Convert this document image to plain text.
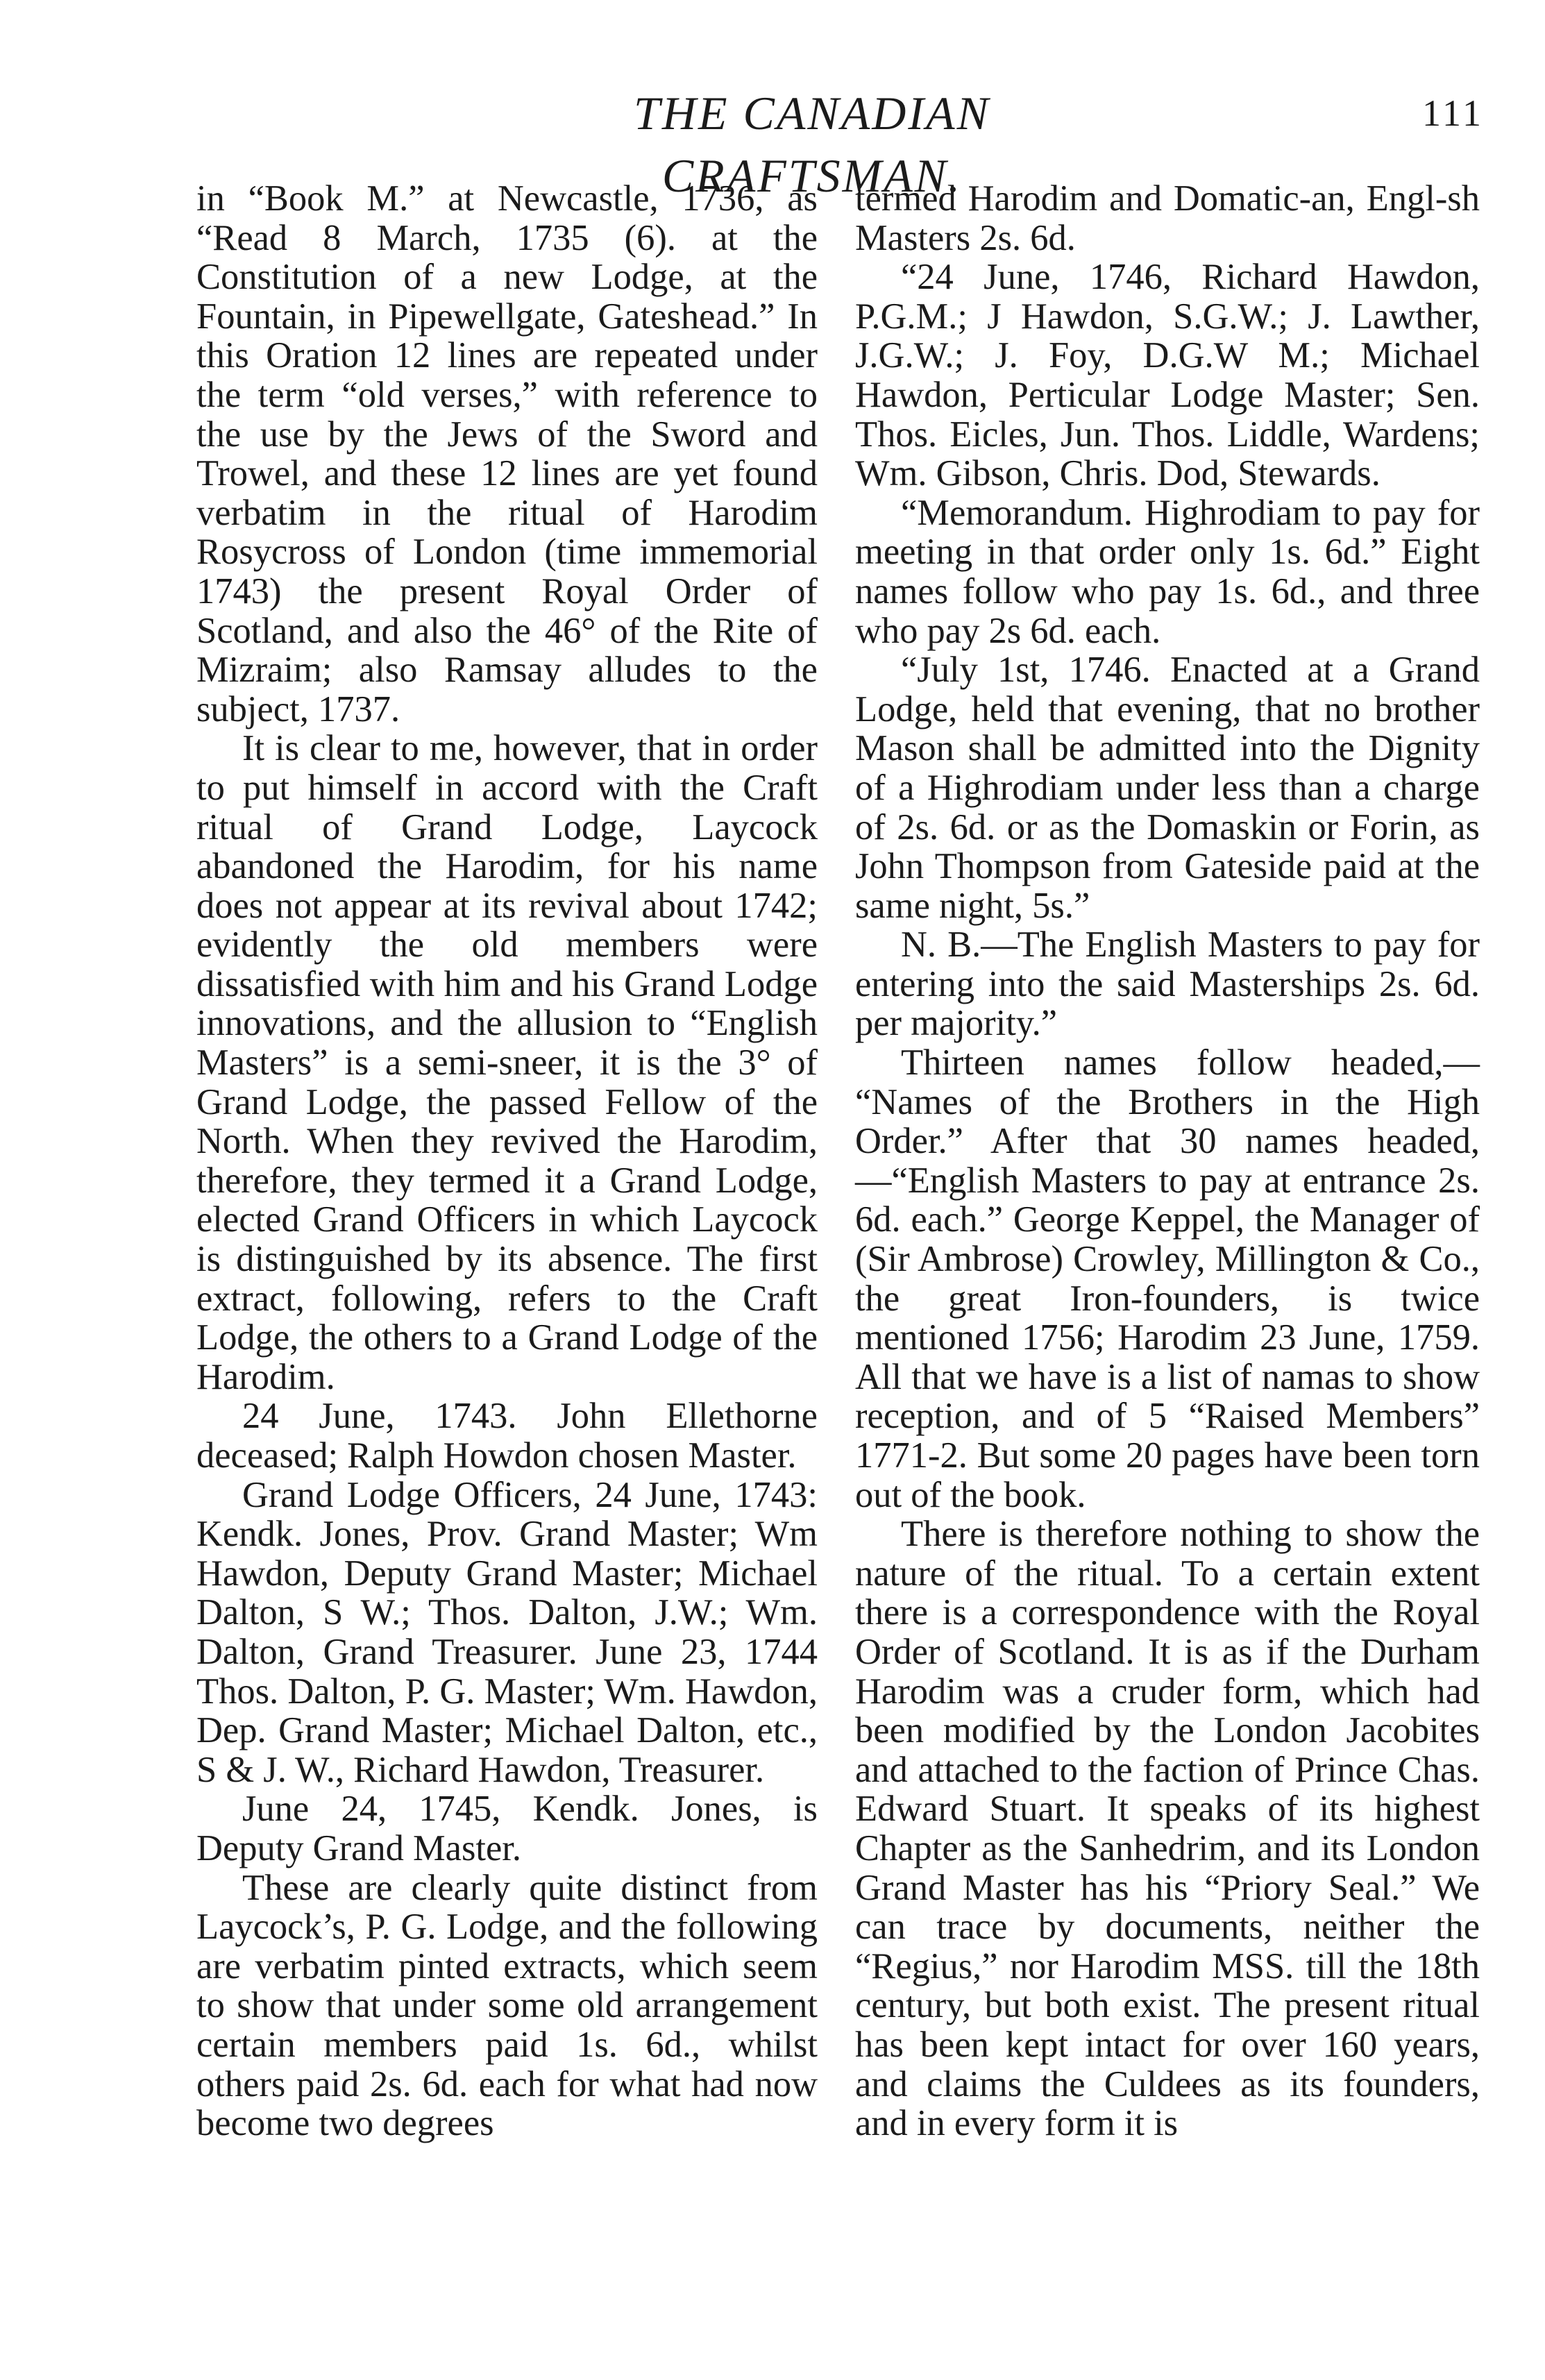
THE CANADIAN CRAFTSMAN.
111

in “Book M.” at Newcastle, 1736, as “Read 8 March, 1735 (6). at the Constitution of a new Lodge, at the Fountain, in Pipewellgate, Gateshead.” In this Oration 12 lines are repeated under the term “old verses,” with reference to the use by the Jews of the Sword and Trowel, and these 12 lines are yet found verbatim in the ritual of Harodim Rosycross of London (time immemorial 1743) the present Royal Order of Scotland, and also the 46° of the Rite of Mizraim; also Ramsay alludes to the subject, 1737.

It is clear to me, however, that in order to put himself in accord with the Craft ritual of Grand Lodge, Laycock abandoned the Harodim, for his name does not appear at its revival about 1742; evidently the old members were dissatisfied with him and his Grand Lodge innovations, and the allusion to “English Masters” is a semi-sneer, it is the 3° of Grand Lodge, the passed Fellow of the North. When they revived the Harodim, therefore, they termed it a Grand Lodge, elected Grand Officers in which Laycock is distinguished by its absence. The first extract, following, refers to the Craft Lodge, the others to a Grand Lodge of the Harodim.

24 June, 1743. John Ellethorne deceased; Ralph Howdon chosen Master.

Grand Lodge Officers, 24 June, 1743: Kendk. Jones, Prov. Grand Master; Wm Hawdon, Deputy Grand Master; Michael Dalton, S W.; Thos. Dalton, J.W.; Wm. Dalton, Grand Treasurer. June 23, 1744 Thos. Dalton, P. G. Master; Wm. Hawdon, Dep. Grand Master; Michael Dalton, etc., S & J. W., Richard Hawdon, Treasurer.

June 24, 1745, Kendk. Jones, is Deputy Grand Master.

These are clearly quite distinct from Laycock’s, P. G. Lodge, and the following are verbatim pinted extracts, which seem to show that under some old arrangement certain members paid 1s. 6d., whilst others paid 2s. 6d. each for what had now become two degrees

termed Harodim and Domatic-an, Engl-sh Masters 2s. 6d.

“24 June, 1746, Richard Hawdon, P.G.M.; J Hawdon, S.G.W.; J. Lawther, J.G.W.; J. Foy, D.G.W M.; Michael Hawdon, Perticular Lodge Master; Sen. Thos. Eicles, Jun. Thos. Liddle, Wardens; Wm. Gibson, Chris. Dod, Stewards.

“Memorandum. Highrodiam to pay for meeting in that order only 1s. 6d.” Eight names follow who pay 1s. 6d., and three who pay 2s 6d. each.

“July 1st, 1746. Enacted at a Grand Lodge, held that evening, that no brother Mason shall be admitted into the Dignity of a Highrodiam under less than a charge of 2s. 6d. or as the Domaskin or Forin, as John Thompson from Gateside paid at the same night, 5s.”

N. B.—The English Masters to pay for entering into the said Masterships 2s. 6d. per majority.”

Thirteen names follow headed,— “Names of the Brothers in the High Order.” After that 30 names headed, —“English Masters to pay at entrance 2s. 6d. each.” George Keppel, the Manager of (Sir Ambrose) Crowley, Millington & Co., the great Iron-founders, is twice mentioned 1756; Harodim 23 June, 1759. All that we have is a list of namas to show reception, and of 5 “Raised Members” 1771-2. But some 20 pages have been torn out of the book.

There is therefore nothing to show the nature of the ritual. To a certain extent there is a correspondence with the Royal Order of Scotland. It is as if the Durham Harodim was a cruder form, which had been modified by the London Jacobites and attached to the faction of Prince Chas. Edward Stuart. It speaks of its highest Chapter as the Sanhedrim, and its London Grand Master has his “Priory Seal.” We can trace by documents, neither the “Regius,” nor Harodim MSS. till the 18th century, but both exist. The present ritual has been kept intact for over 160 years, and claims the Culdees as its founders, and in every form it is
